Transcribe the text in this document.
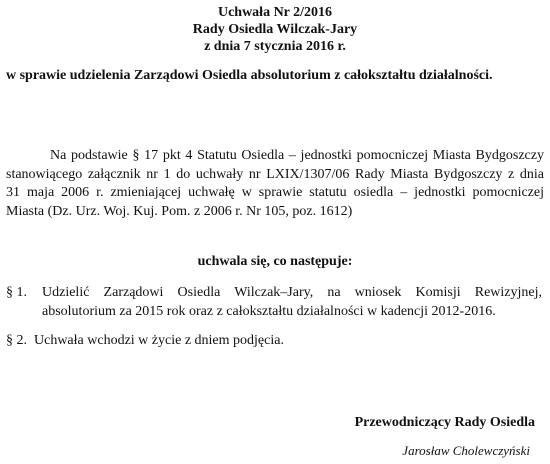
Uchwała Nr 2/2016
Rady Osiedla Wilczak-Jary
z dnia 7 stycznia 2016 r.
w sprawie udzielenia Zarządowi Osiedla absolutorium z całokształtu działalności.
Na podstawie § 17 pkt 4 Statutu Osiedla – jednostki pomocniczej Miasta Bydgoszczy
stanowiącego załącznik nr 1 do uchwały nr LXIX/1307/06 Rady Miasta Bydgoszczy z dnia
31 maja 2006 r. zmieniającej uchwałę w sprawie statutu osiedla – jednostki pomocniczej
Miasta (Dz. Urz. Woj. Kuj. Pom. z 2006 r. Nr 105, poz. 1612)
uchwala się, co następuje:
§ 1. Udzielić Zarządowi Osiedla Wilczak–Jary, na wniosek Komisji Rewizyjnej,
absolutorium za 2015 rok oraz z całokształtu działalności w kadencji 2012-2016.
§ 2. Uchwała wchodzi w życie z dniem podjęcia.
Przewodniczący Rady Osiedla
Jarosław Cholewczyński
